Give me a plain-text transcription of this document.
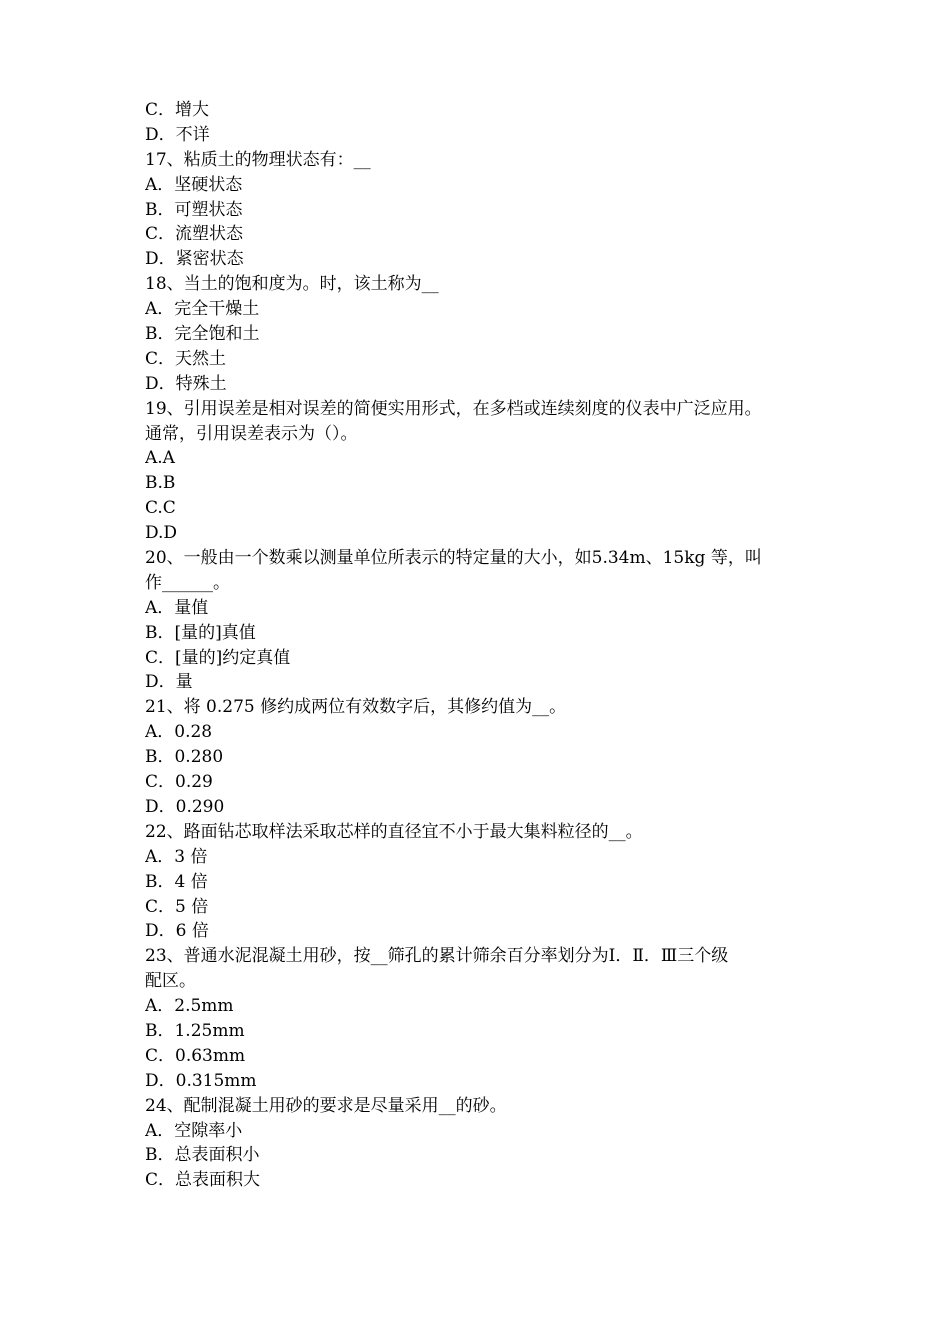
C．增大
D．不详
17、粘质土的物理状态有：__
A．坚硬状态
B．可塑状态
C．流塑状态
D．紧密状态
18、当土的饱和度为。时，该土称为__
A．完全干燥土
B．完全饱和土
C．天然土
D．特殊土
19、引用误差是相对误差的简便实用形式，在多档或连续刻度的仪表中广泛应用。
通常，引用误差表示为（）。
A.A
B.B
C.C
D.D
20、一般由一个数乘以测量单位所表示的特定量的大小，如5.34m、15kg 等，叫
作______。
A．量值
B．[量的]真值
C．[量的]约定真值
D．量
21、将 0.275 修约成两位有效数字后，其修约值为__。
A．0.28
B．0.280
C．0.29
D．0.290
22、路面钻芯取样法采取芯样的直径宜不小于最大集料粒径的__。
A．3 倍
B．4 倍
C．5 倍
D．6 倍
23、普通水泥混凝土用砂，按__筛孔的累计筛余百分率划分为Ⅰ．Ⅱ．Ⅲ三个级
配区。
A．2.5mm
B．1.25mm
C．0.63mm
D．0.315mm
24、配制混凝土用砂的要求是尽量采用__的砂。
A．空隙率小
B．总表面积小
C．总表面积大
